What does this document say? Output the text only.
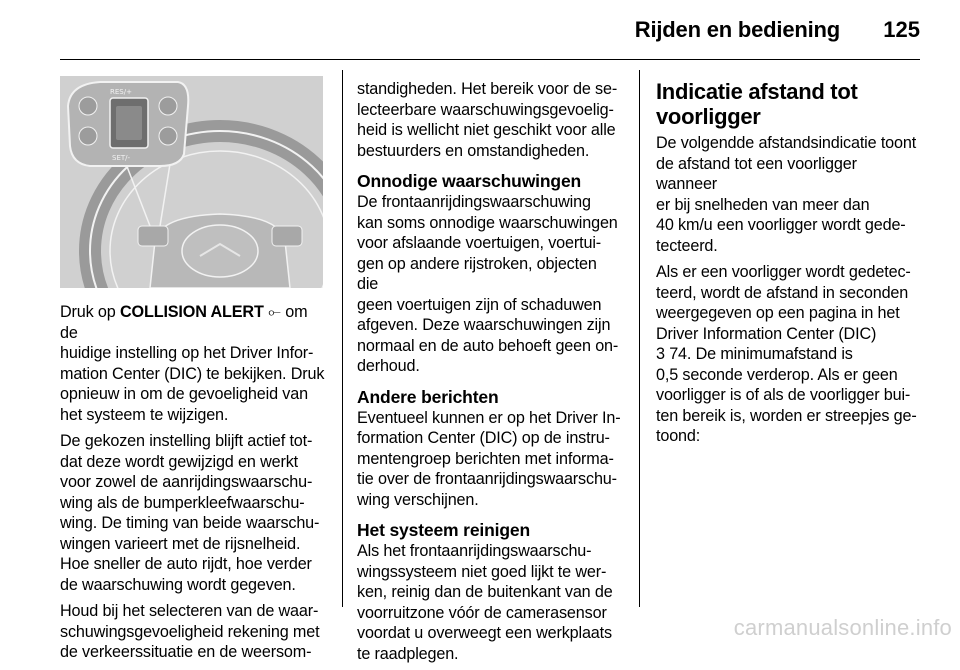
Rijden en bediening	125
RES/+
SET/-

Druk op COLLISION ALERT ⟜ om de
huidige instelling op het Driver Infor-
mation Center (DIC) te bekijken. Druk
opnieuw in om de gevoeligheid van
het systeem te wijzigen.

De gekozen instelling blijft actief tot-
dat deze wordt gewijzigd en werkt
voor zowel de aanrijdingswaarschu-
wing als de bumperkleefwaarschu-
wing. De timing van beide waarschu-
wingen varieert met de rijsnelheid.
Hoe sneller de auto rijdt, hoe verder
de waarschuwing wordt gegeven.

Houd bij het selecteren van de waar-
schuwingsgevoeligheid rekening met
de verkeerssituatie en de weersom-

standigheden. Het bereik voor de se-
lecteerbare waarschuwingsgevoelig-
heid is wellicht niet geschikt voor alle
bestuurders en omstandigheden.

Onnodige waarschuwingen

De frontaanrijdingswaarschuwing
kan soms onnodige waarschuwingen
voor afslaande voertuigen, voertui-
gen op andere rijstroken, objecten die
geen voertuigen zijn of schaduwen
afgeven. Deze waarschuwingen zijn
normaal en de auto behoeft geen on-
derhoud.

Andere berichten

Eventueel kunnen er op het Driver In-
formation Center (DIC) op de instru-
mentengroep berichten met informa-
tie over de frontaanrijdingswaarschu-
wing verschijnen.

Het systeem reinigen

Als het frontaanrijdingswaarschu-
wingssysteem niet goed lijkt te wer-
ken, reinig dan de buitenkant van de
voorruitzone vóór de camerasensor
voordat u overweegt een werkplaats
te raadplegen.

Indicatie afstand tot
voorligger

De volgendde afstandsindicatie toont
de afstand tot een voorligger wanneer
er bij snelheden van meer dan
40 km/u een voorligger wordt gede-
tecteerd.

Als er een voorligger wordt gedetec-
teerd, wordt de afstand in seconden
weergegeven op een pagina in het
Driver Information Center (DIC)
3 74. De minimumafstand is
0,5 seconde verderop. Als er geen
voorligger is of als de voorligger bui-
ten bereik is, worden er streepjes ge-
toond:

carmanualsonline.info
